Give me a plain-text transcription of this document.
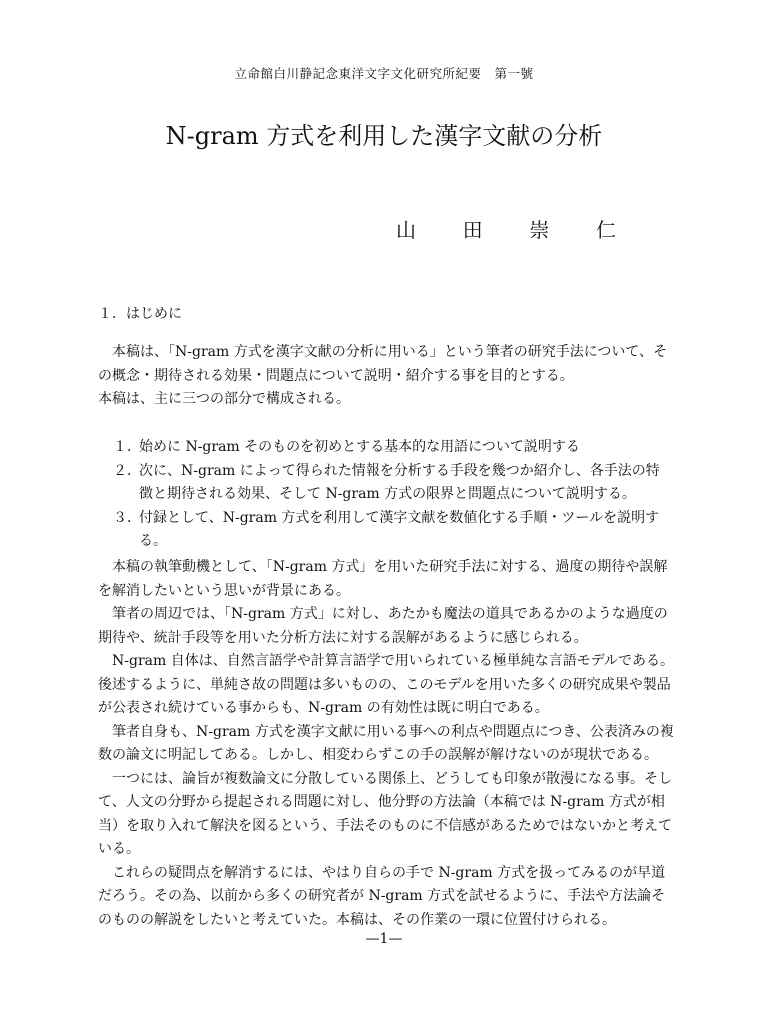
立命館白川静記念東洋文字文化研究所紀要　第一號
N-gram 方式を利用した漢字文献の分析
山 田 崇 仁
１．はじめに

本稿は、「N-gram 方式を漢字文献の分析に用いる」という筆者の研究手法について、その概念・期待される効果・問題点について説明・紹介する事を目的とする。

本稿は、主に三つの部分で構成される。

１．
始めに N-gram そのものを初めとする基本的な用語について説明する
２．
次に、N-gram によって得られた情報を分析する手段を幾つか紹介し、各手法の特徴と期待される効果、そして N-gram 方式の限界と問題点について説明する。
３．
付録として、N-gram 方式を利用して漢字文献を数値化する手順・ツールを説明する。

本稿の執筆動機として、「N-gram 方式」を用いた研究手法に対する、過度の期待や誤解を解消したいという思いが背景にある。

筆者の周辺では、「N-gram 方式」に対し、あたかも魔法の道具であるかのような過度の期待や、統計手段等を用いた分析方法に対する誤解があるように感じられる。

N-gram 自体は、自然言語学や計算言語学で用いられている極単純な言語モデルである。後述するように、単純さ故の問題は多いものの、このモデルを用いた多くの研究成果や製品が公表され続けている事からも、N-gram の有効性は既に明白である。

筆者自身も、N-gram 方式を漢字文献に用いる事への利点や問題点につき、公表済みの複数の論文に明記してある。しかし、相変わらずこの手の誤解が解けないのが現状である。

一つには、論旨が複数論文に分散している関係上、どうしても印象が散漫になる事。そして、人文の分野から提起される問題に対し、他分野の方法論（本稿では N-gram 方式が相当）を取り入れて解決を図るという、手法そのものに不信感があるためではないかと考えている。

これらの疑問点を解消するには、やはり自らの手で N-gram 方式を扱ってみるのが早道だろう。その為、以前から多くの研究者が N-gram 方式を試せるように、手法や方法論そのものの解説をしたいと考えていた。本稿は、その作業の一環に位置付けられる。

—1—
